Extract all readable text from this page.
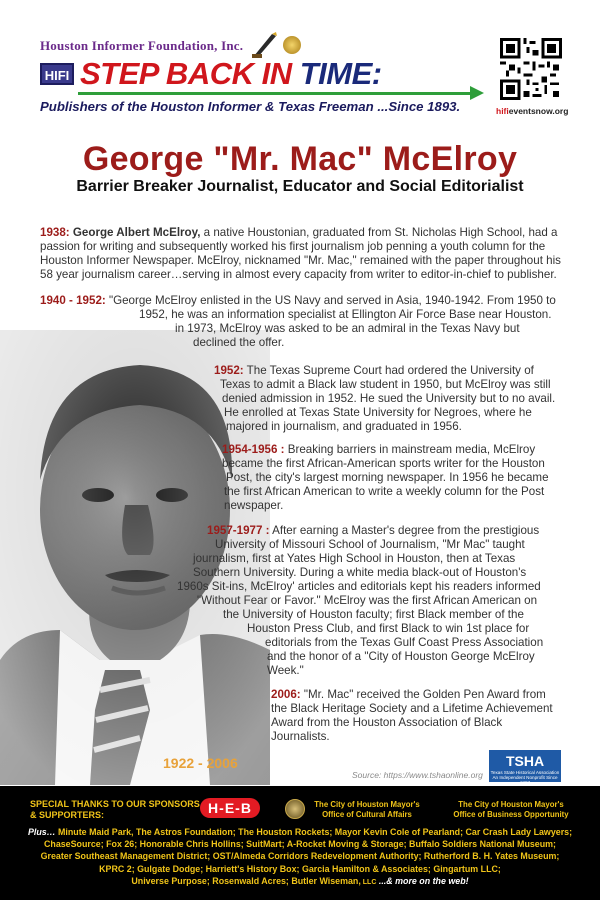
Houston Informer Foundation, Inc.
HIFI STEP BACK IN TIME:
Publishers of the Houston Informer & Texas Freeman ...Since 1893.	hifieventsnow.org
George "Mr. Mac" McElroy
Barrier Breaker Journalist, Educator and Social Editorialist
1922 - 2006
1938: George Albert McElroy, a native Houstonian, graduated from St. Nicholas High School, had a
passion for writing and subsequently worked his first journalism job penning a youth column for the
Houston Informer Newspaper. McElroy, nicknamed "Mr. Mac," remained with the paper throughout his
58 year journalism career…serving in almost every capacity from writer to editor-in-chief to publisher.
1940 - 1952: "George McElroy enlisted in the US Navy and served in Asia, 1940-1942. From 1950 to
1952, he was an information specialist at Ellington Air Force Base near Houston.
in 1973, McElroy was asked to be an admiral in the Texas Navy but
declined the offer.
1952: The Texas Supreme Court had ordered the University of
Texas to admit a Black law student in 1950, but McElroy was still
denied admission in 1952. He sued the University but to no avail.
He enrolled at Texas State University for Negroes, where he
majored in journalism, and graduated in 1956.
1954-1956 : Breaking barriers in mainstream media, McElroy
became the first African-American sports writer for the Houston
Post, the city's largest morning newspaper. In 1956 he became
the first African American to write a weekly column for the Post
newspaper.
1957-1977 : After earning a Master's degree from the prestigious
University of Missouri School of Journalism, "Mr Mac" taught
journalism, first at Yates High School in Houston, then at Texas
Southern University. During a white media black-out of Houston's
1960s Sit-ins, McElroy' articles and editorials kept his readers informed
"Without Fear or Favor." McElroy was the first African American on
the University of Houston faculty; first Black member of the
Houston Press Club, and first Black to win 1st place for
editorials from the Texas Gulf Coast Press Association
and the honor of a "City of Houston George McElroy
Week."
2006: "Mr. Mac" received the Golden Pen Award from
the Black Heritage Society and a Lifetime Achievement
Award from the Houston Association of Black
Journalists.
Source: https://www.tshaonline.org
TSHA
Texas State Historical Association
An Independent Nonprofit Since 1897
SPECIAL THANKS TO OUR SPONSORS
& SUPPORTERS:	H-E-B	The City of Houston Mayor's
Office of Cultural Affairs
The City of Houston Mayor's
Office of Business Opportunity
Plus… Minute Maid Park, The Astros Foundation; The Houston Rockets; Mayor Kevin Cole of Pearland; Car Crash Lady Lawyers;
ChaseSource; Fox 26; Honorable Chris Hollins; SuitMart; A-Rocket Moving & Storage; Buffalo Soldiers National Museum;
Greater Southeast Management District; OST/Almeda Corridors Redevelopment Authority; Rutherford B. H. Yates Museum;
KPRC 2; Gulgate Dodge; Harriett's History Box; Garcia Hamilton & Associates; Gingartum LLC;
Universe Purpose; Rosenwald Acres; Butler Wiseman, LLC ...& more on the web!
